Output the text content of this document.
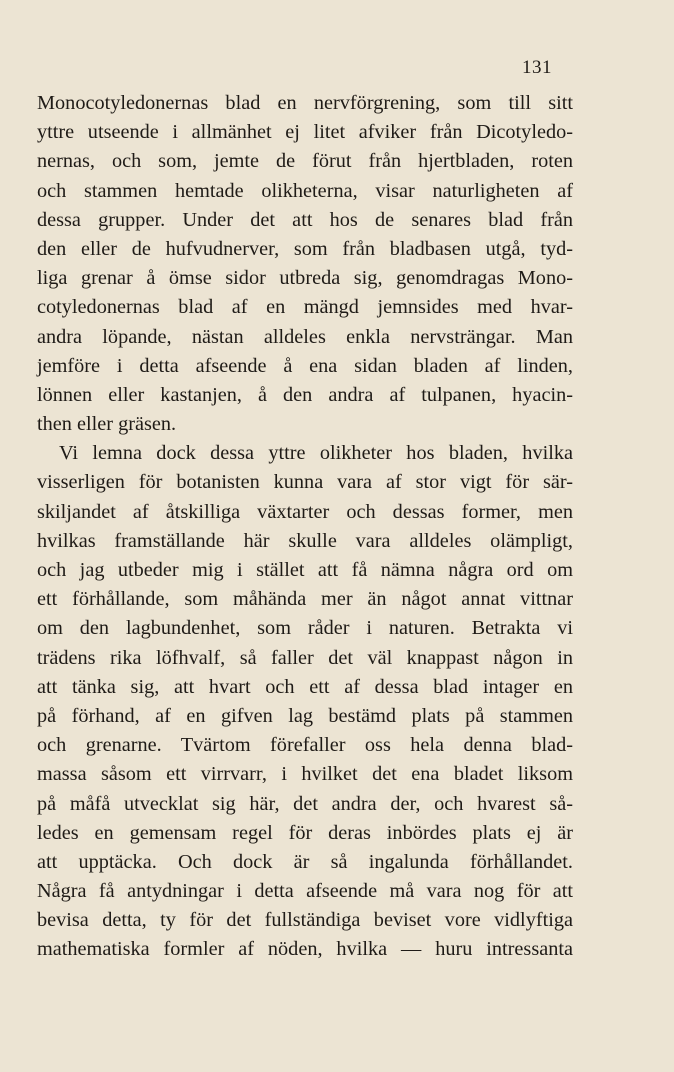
131
Monocotyledonernas blad en nervförgrening, som till sitt
yttre utseende i allmänhet ej litet afviker från Dicotyledo-
nernas, och som, jemte de förut från hjertbladen, roten
och stammen hemtade olikheterna, visar naturligheten af
dessa grupper. Under det att hos de senares blad från
den eller de hufvudnerver, som från bladbasen utgå, tyd-
liga grenar å ömse sidor utbreda sig, genomdragas Mono-
cotyledonernas blad af en mängd jemnsides med hvar-
andra löpande, nästan alldeles enkla nervsträngar. Man
jemföre i detta afseende å ena sidan bladen af linden,
lönnen eller kastanjen, å den andra af tulpanen, hyacin-
then eller gräsen.
Vi lemna dock dessa yttre olikheter hos bladen, hvilka
visserligen för botanisten kunna vara af stor vigt för sär-
skiljandet af åtskilliga växtarter och dessas former, men
hvilkas framställande här skulle vara alldeles olämpligt,
och jag utbeder mig i stället att få nämna några ord om
ett förhållande, som måhända mer än något annat vittnar
om den lagbundenhet, som råder i naturen. Betrakta vi
trädens rika löfhvalf, så faller det väl knappast någon in
att tänka sig, att hvart och ett af dessa blad intager en
på förhand, af en gifven lag bestämd plats på stammen
och grenarne. Tvärtom förefaller oss hela denna blad-
massa såsom ett virrvarr, i hvilket det ena bladet liksom
på måfå utvecklat sig här, det andra der, och hvarest så-
ledes en gemensam regel för deras inbördes plats ej är
att upptäcka. Och dock är så ingalunda förhållandet.
Några få antydningar i detta afseende må vara nog för att
bevisa detta, ty för det fullständiga beviset vore vidlyftiga
mathematiska formler af nöden, hvilka — huru intressanta
